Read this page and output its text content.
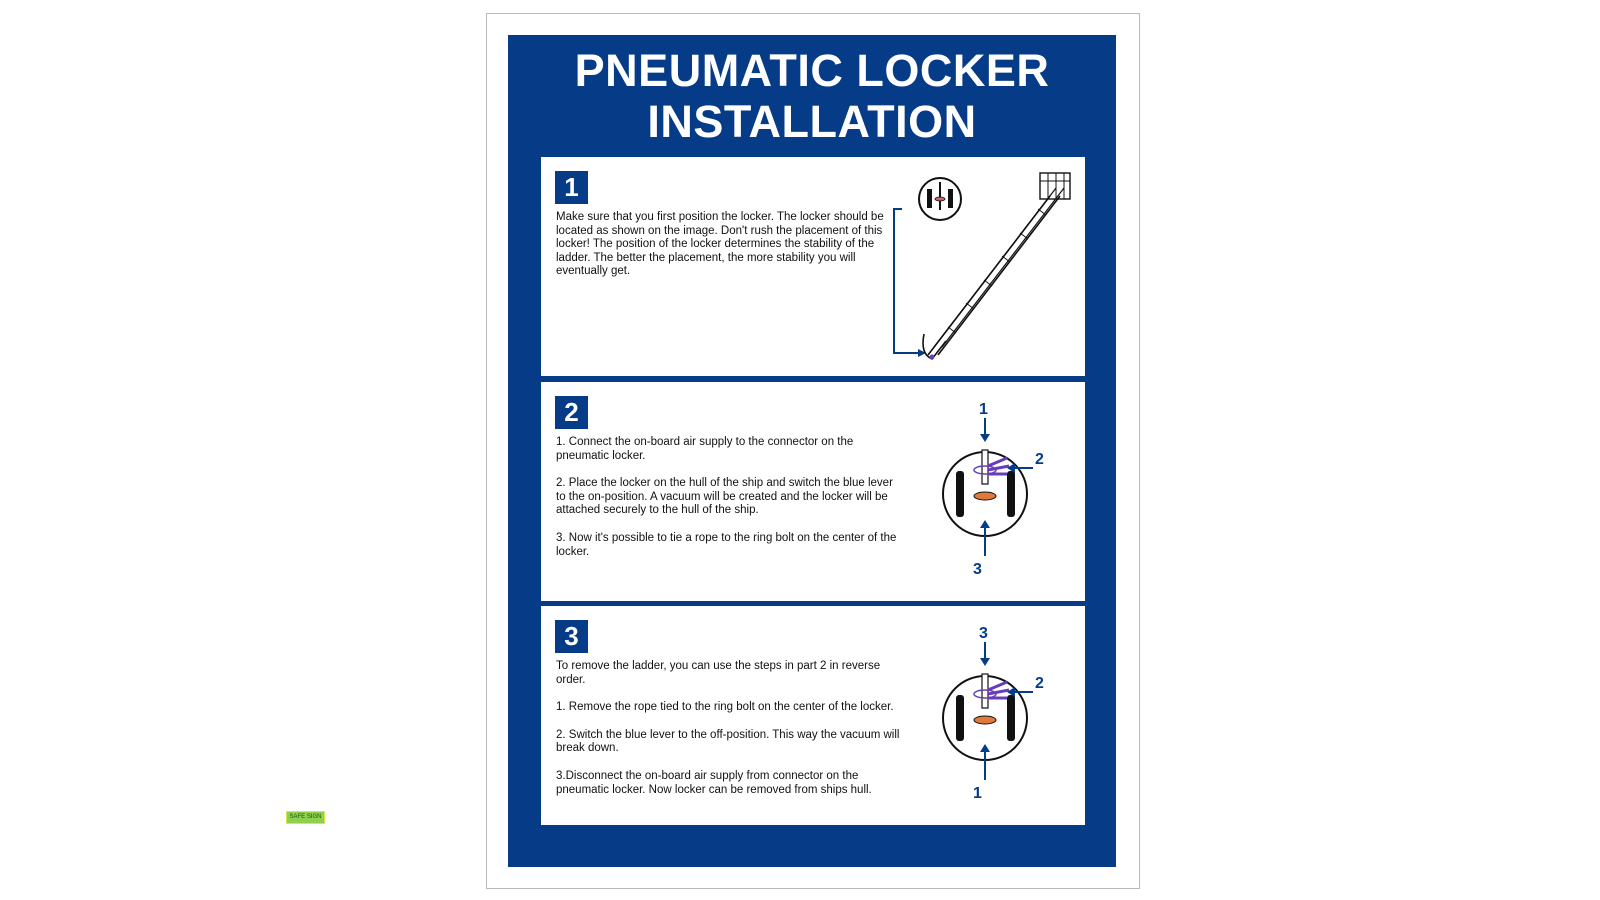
PNEUMATIC LOCKER
INSTALLATION
1

Make sure that you first position the locker. The locker should be located as shown on the image. Don't rush the placement of this locker! The position of the locker determines the stability of the ladder. The better the placement, the more stability you will eventually get.

2

1. Connect the on-board air supply to the connector on the pneumatic locker.

2. Place the locker on the hull of the ship and switch the blue lever to the on-position. A vacuum will be created and the locker will be attached securely to the hull of the ship.

3. Now it's possible to tie a rope to the ring bolt on the center of the locker.

1
2
3
3

To remove the ladder, you can use the steps in part 2 in reverse order.

1. Remove the rope tied to the ring bolt on the center of the locker.

2. Switch the blue lever to the off-position. This way the vacuum will break down.

3.Disconnect the on-board air supply from connector on the pneumatic locker. Now locker can be removed from ships hull.

3
2
1
SAFE SIGN	www.t-iss.com
